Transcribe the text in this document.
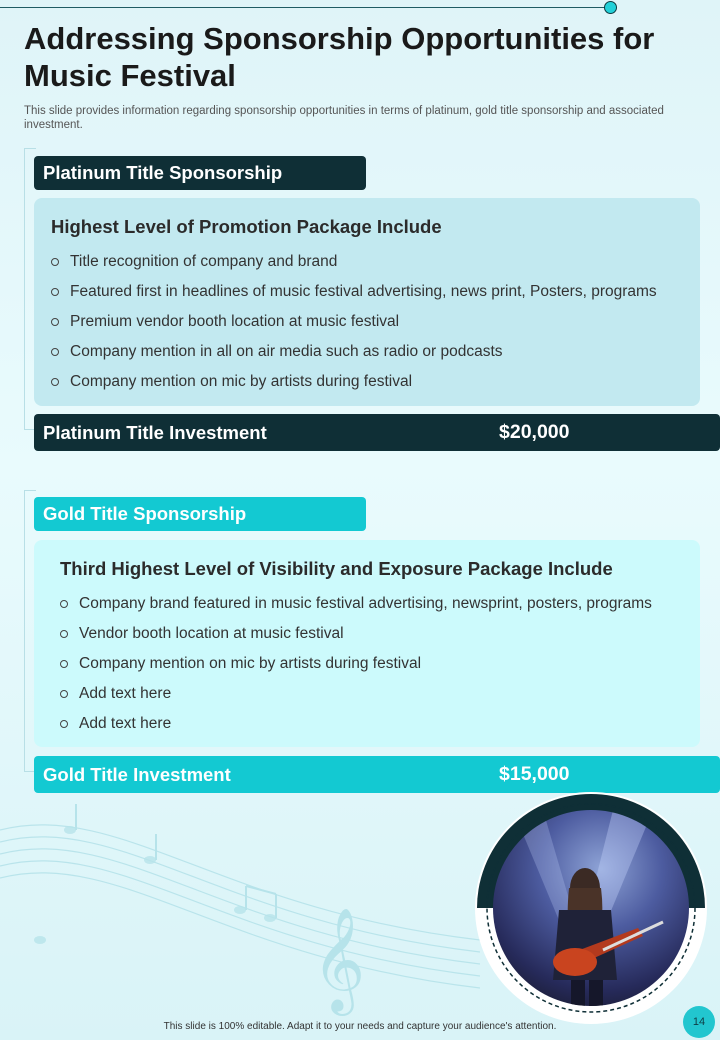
Addressing Sponsorship Opportunities for Music Festival

This slide provides information regarding sponsorship opportunities in terms of platinum, gold title sponsorship and associated investment.

𝄞
Platinum Title Sponsorship
Highest Level of Promotion Package Include
Title recognition of company and brand
Featured first in headlines of music festival advertising, news print, Posters, programs
Premium vendor booth location at music festival
Company mention in all on air media such as radio or podcasts
Company mention on mic by artists during festival
Platinum Title Investment	$20,000
Gold Title Sponsorship
Third Highest Level of Visibility and Exposure Package Include
Company brand featured in music festival advertising, newsprint, posters, programs
Vendor booth location at music festival
Company mention on mic by artists during festival
Add text here
Add text here
Gold Title Investment	$15,000

This slide is 100% editable. Adapt it to your needs and capture your audience's attention.	14
